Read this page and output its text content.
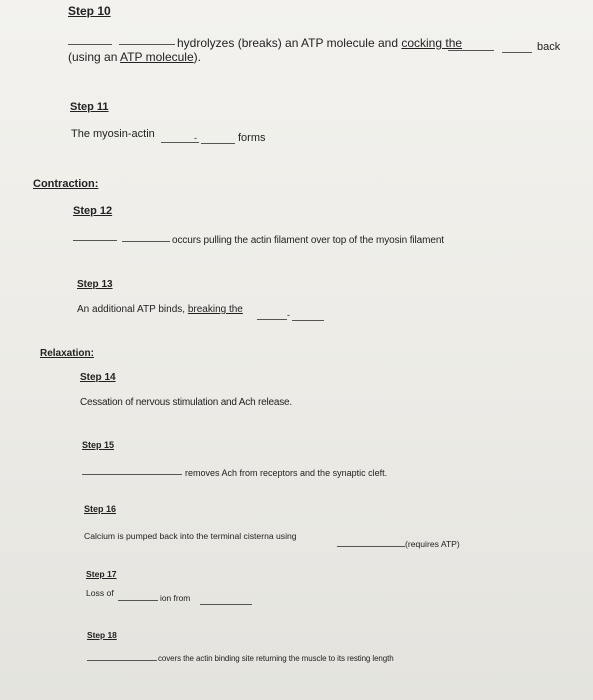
Step 10
hydrolyzes (breaks) an ATP molecule and cocking the	back
(using an ATP molecule).
Step 11
The myosin-actin	-	forms
Contraction:
Step 12
occurs pulling the actin filament over top of the myosin filament
Step 13
An additional ATP binds, breaking the	-
Relaxation:
Step 14
Cessation of nervous stimulation and Ach release.
Step 15
removes Ach from receptors and the synaptic cleft.
Step 16
Calcium is pumped back into the terminal cisterna using
(requires ATP)
Step 17
Loss of	ion from
Step 18
covers the actin binding site returning the muscle to its resting length
